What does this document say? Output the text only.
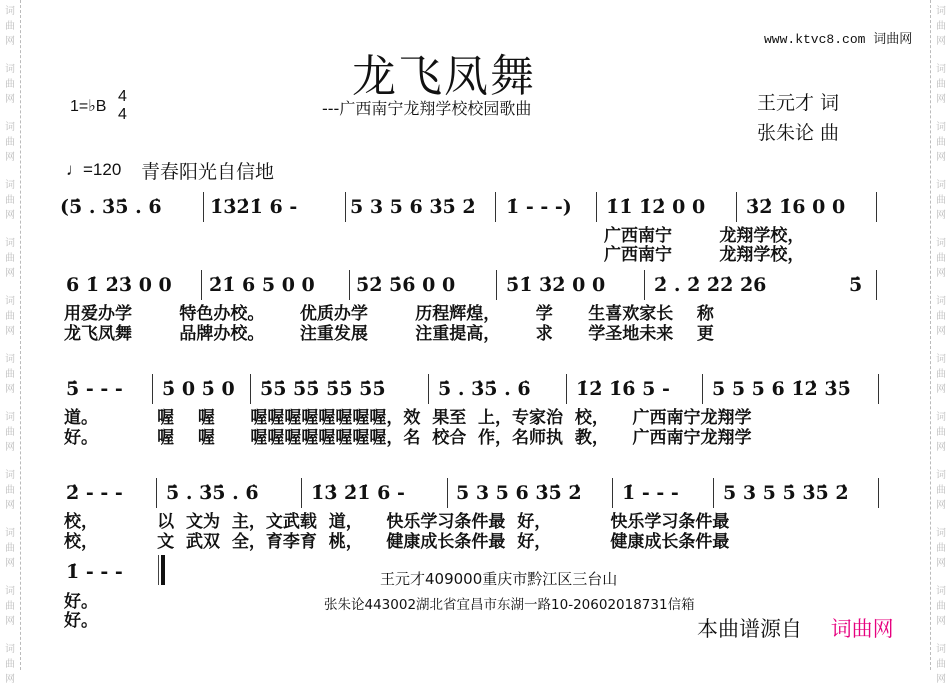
词
曲
网
词
曲
网
词
曲
网
词
曲
网
词
曲
网
词
曲
网
词
曲
网
词
曲
网
词
曲
网
词
曲
网
词
曲
网
词
曲
网
词
曲
网
词
曲
网
词
曲
网
词
曲
网
词
曲
网
词
曲
网
词
曲
网
词
曲
网
词
曲
网
词
曲
网
词
曲
网
词
曲
网
www.ktvc8.com 词曲网
龙飞凤舞
---广西南宁龙翔学校校园歌曲
1=♭B
4
4
♩=120 青春阳光自信地
王元才 词
张朱论 曲
(5̇ . 3̇5̇ . 6̇	1̇3̇2̇1̇ 6 -	5 3 5 6 3̇5̇ 2̇ 1̇ - - -) 1̇1̇ 1̇2̇ 0 0 3̇2̇ 1̇6 0 0
广西南宁        龙翔学校，
广西南宁        龙翔学校，
6 1̇ 2̇3̇ 0 0 2̇1̇ 6 5 0 0 5̇2̇ 5̇6̇ 0 0	5̇1̇ 3̇2̇ 0 0	2̇ . 2̇ 2̇2̇ 2̇6	5̇
用爱办学        特色办校。      优质办学        历程辉煌，      学      生喜欢家长    称
龙飞凤舞        品牌办校。      注重发展        注重提高，      求      学圣地未来    更
5̇ - - - 5̇ 0 5̇ 0 5̇5̇ 5̇5̇ 5̇5̇ 5̇5̇	5̇ . 3̇5̇ . 6̇ 1̇2̇ 1̇6̇ 5 - 5 5 5 6 1̇2̇ 3̇5̇
道。          喔    喔      喔喔喔喔喔喔喔喔，效  果至  上，专家治  校，    广西南宁龙翔学
好。          喔    喔      喔喔喔喔喔喔喔喔，名  校合  作，名师执  教，    广西南宁龙翔学
2̇ - - - 5̇ . 3̇5̇ . 6̇	1̇3̇ 2̇1̇ 6 -	5 3 5 6 3̇5̇ 2̇ 1̇ - - - 5 3 5 5̇ 3̇5̇ 2̇
校，          以  文为  主，文武载  道，    快乐学习条件最  好，          快乐学习条件最
校，          文  武双  全，育李育  桃，    健康成长条件最  好，          健康成长条件最
1̇ - - -
好。
好。
王元才409000重庆市黔江区三台山
张朱论443002湖北省宜昌市东湖一路10-20602018731信箱
本曲谱源自 词曲网
